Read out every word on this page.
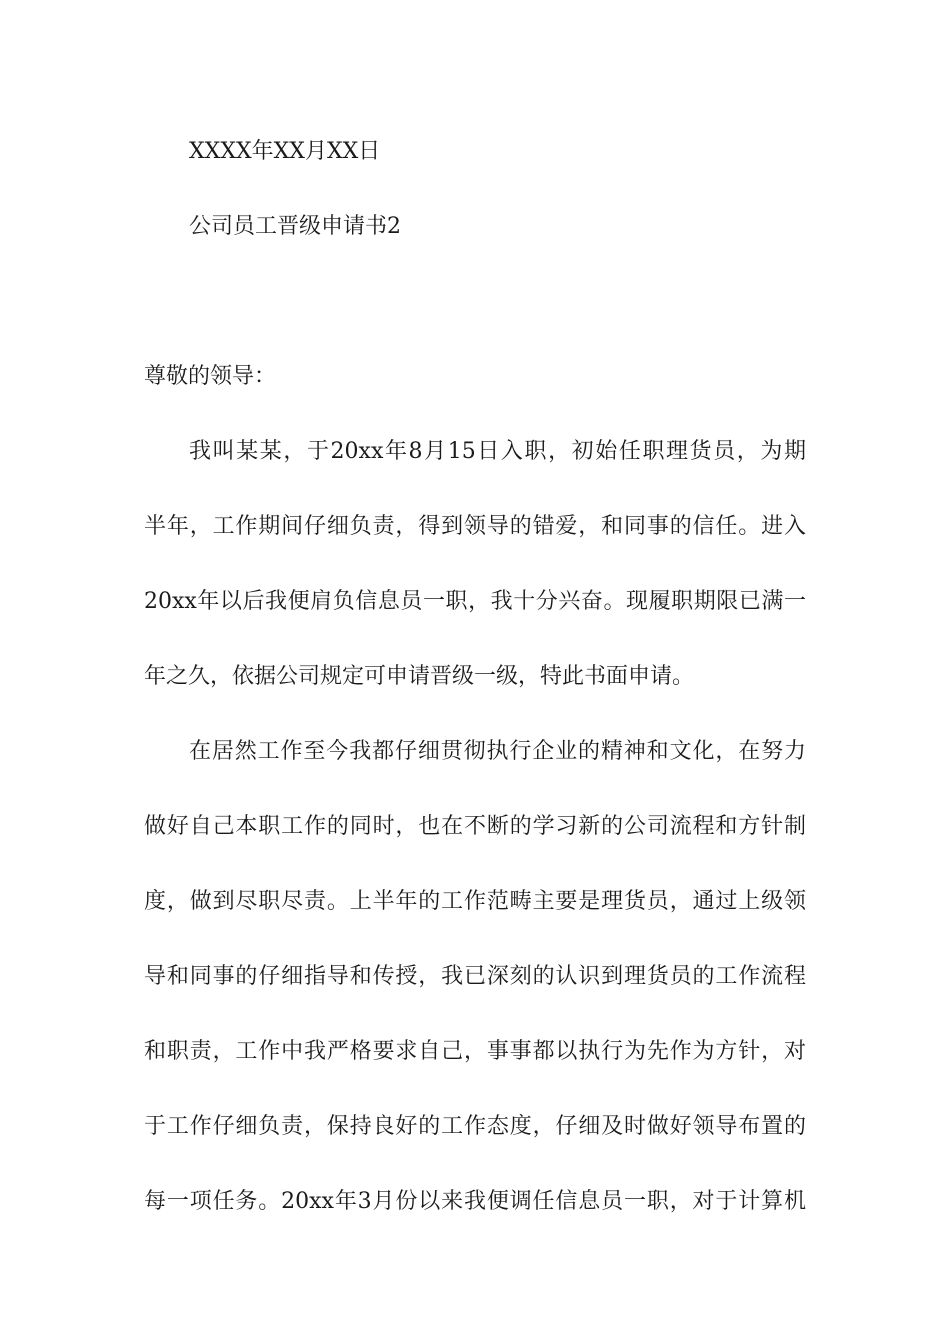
XXXX年XX月XX日
公司员工晋级申请书2
尊敬的领导：
我叫某某，于20xx年8月15日入职，初始任职理货员，为期
半年，工作期间仔细负责，得到领导的错爱，和同事的信任。进入
20xx年以后我便肩负信息员一职，我十分兴奋。现履职期限已满一
年之久，依据公司规定可申请晋级一级，特此书面申请。
在居然工作至今我都仔细贯彻执行企业的精神和文化，在努力
做好自己本职工作的同时，也在不断的学习新的公司流程和方针制
度，做到尽职尽责。上半年的工作范畴主要是理货员，通过上级领
导和同事的仔细指导和传授，我已深刻的认识到理货员的工作流程
和职责，工作中我严格要求自己，事事都以执行为先作为方针，对
于工作仔细负责，保持良好的工作态度，仔细及时做好领导布置的
每一项任务。20xx年3月份以来我便调任信息员一职，对于计算机
